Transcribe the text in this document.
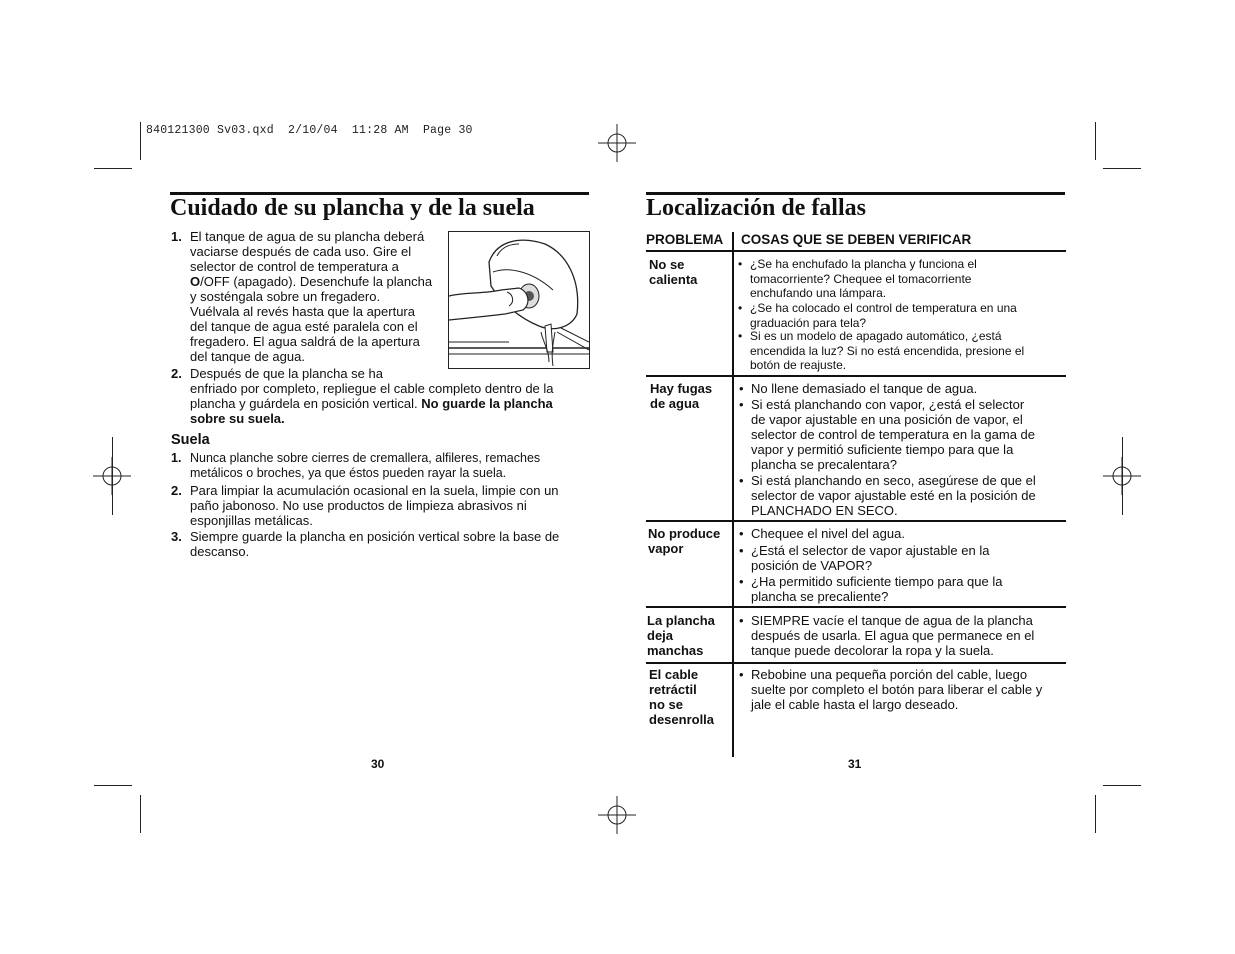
840121300 Sv03.qxd  2/10/04  11:28 AM  Page 30
Cuidado de su plancha y de la suela
1. El tanque de agua de su plancha deberá
vaciarse después de cada uso. Gire el
selector de control de temperatura a
O/OFF (apagado). Desenchufe la plancha
y sosténgala sobre un fregadero.
Vuélvala al revés hasta que la apertura
del tanque de agua esté paralela con el
fregadero. El agua saldrá de la apertura
del tanque de agua.
2. Después de que la plancha se ha
enfriado por completo, repliegue el cable completo dentro de la
plancha y guárdela en posición vertical. No guarde la plancha
sobre su suela.
Suela
1. Nunca planche sobre cierres de cremallera, alfileres, remaches
metálicos o broches, ya que éstos pueden rayar la suela.
2. Para limpiar la acumulación ocasional en la suela, limpie con un
paño jabonoso. No use productos de limpieza abrasivos ni
esponjillas metálicas.
3. Siempre guarde la plancha en posición vertical sobre la base de
descanso.
30
Localización de fallas
PROBLEMA COSAS QUE SE DEBEN VERIFICAR
No se
calienta
• ¿Se ha enchufado la plancha y funciona el
tomacorriente? Chequee el tomacorriente
enchufando una lámpara.
• ¿Se ha colocado el control de temperatura en una
graduación para tela?
• Si es un modelo de apagado automático, ¿está
encendida la luz? Si no está encendida, presione el
botón de reajuste.
Hay fugas
de agua
• No llene demasiado el tanque de agua.
• Si está planchando con vapor, ¿está el selector
de vapor ajustable en una posición de vapor, el
selector de control de temperatura en la gama de
vapor y permitió suficiente tiempo para que la
plancha se precalentara?
• Si está planchando en seco, asegúrese de que el
selector de vapor ajustable esté en la posición de
PLANCHADO EN SECO.
No produce
vapor
• Chequee el nivel del agua.
• ¿Está el selector de vapor ajustable en la
posición de VAPOR?
• ¿Ha permitido suficiente tiempo para que la
plancha se precaliente?
La plancha
deja
manchas
• SIEMPRE vacíe el tanque de agua de la plancha
después de usarla. El agua que permanece en el
tanque puede decolorar la ropa y la suela.
El cable
retráctil
no se
desenrolla
• Rebobine una pequeña porción del cable, luego
suelte por completo el botón para liberar el cable y
jale el cable hasta el largo deseado.
31
